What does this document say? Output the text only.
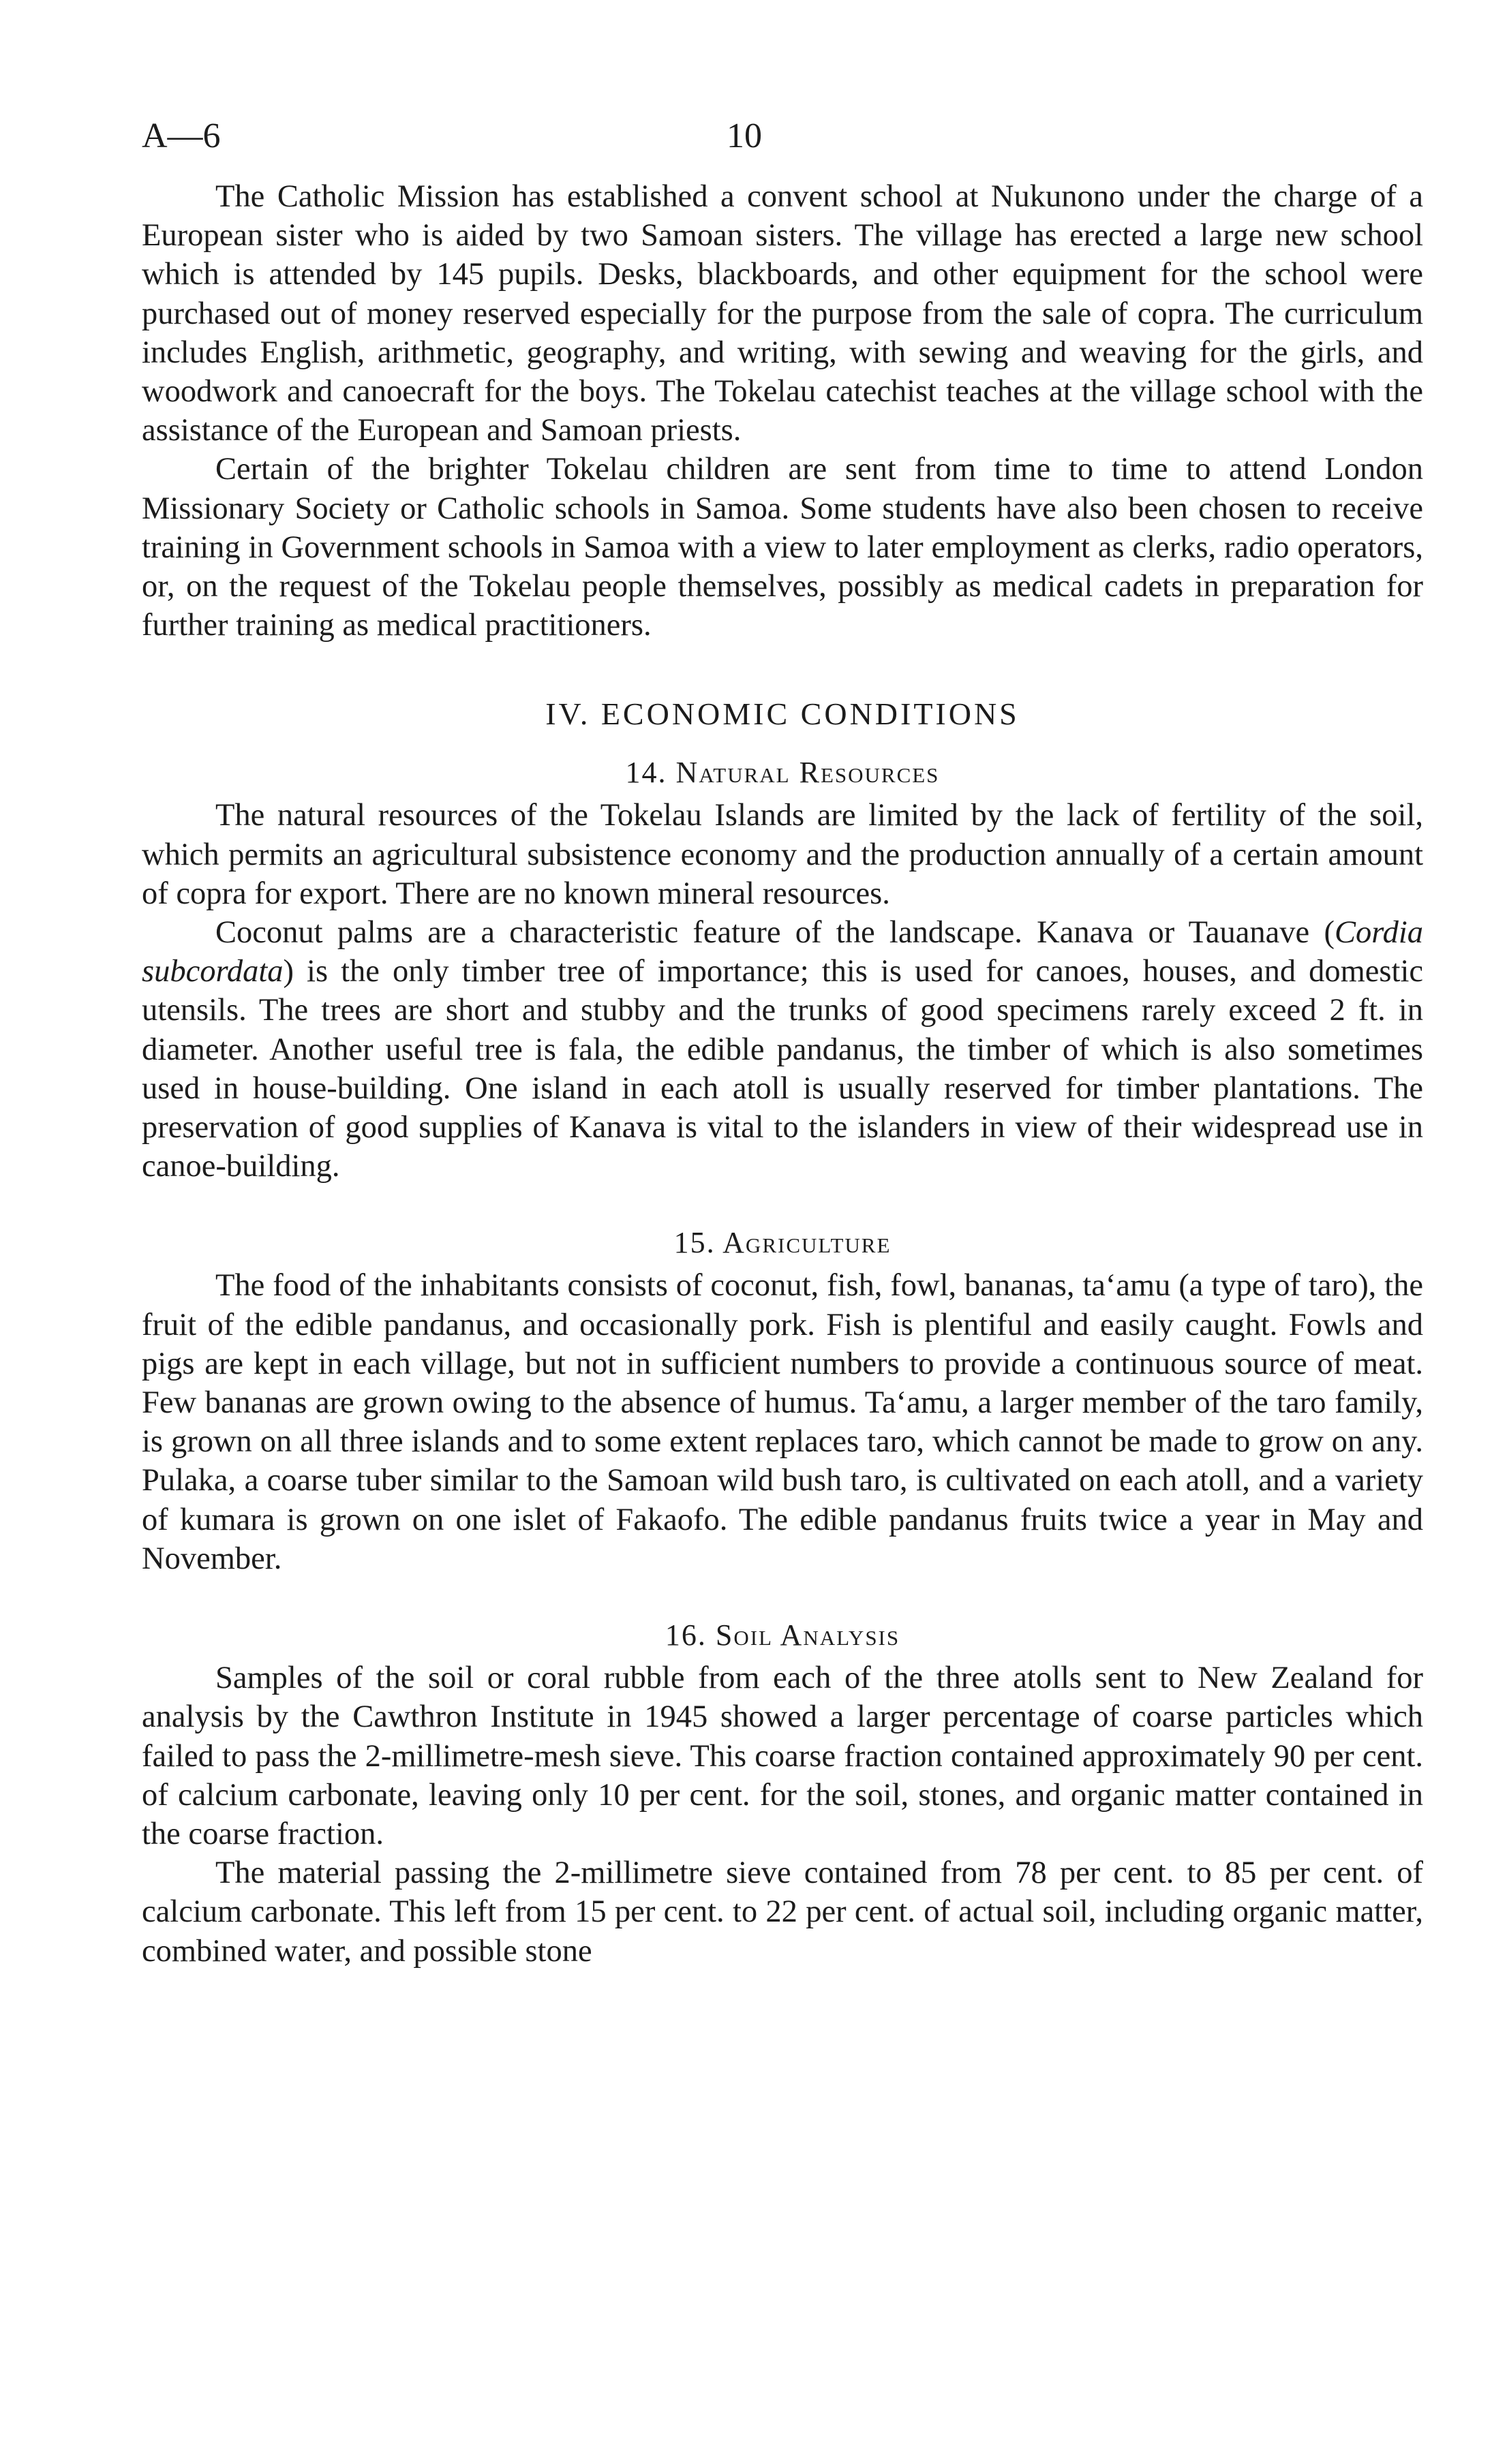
A—6	10

The Catholic Mission has established a convent school at Nukunono under the charge of a European sister who is aided by two Samoan sisters. The village has erected a large new school which is attended by 145 pupils. Desks, blackboards, and other equipment for the school were purchased out of money reserved especially for the purpose from the sale of copra. The curriculum includes English, arithmetic, geography, and writing, with sewing and weaving for the girls, and woodwork and canoecraft for the boys. The Tokelau catechist teaches at the village school with the assistance of the European and Samoan priests.

Certain of the brighter Tokelau children are sent from time to time to attend London Missionary Society or Catholic schools in Samoa. Some students have also been chosen to receive training in Government schools in Samoa with a view to later employment as clerks, radio operators, or, on the request of the Tokelau people themselves, possibly as medical cadets in preparation for further training as medical practitioners.

IV. ECONOMIC CONDITIONS
14. Natural Resources

The natural resources of the Tokelau Islands are limited by the lack of fertility of the soil, which permits an agricultural subsistence economy and the production annually of a certain amount of copra for export. There are no known mineral resources.

Coconut palms are a characteristic feature of the landscape. Kanava or Tauanave (Cordia subcordata) is the only timber tree of importance; this is used for canoes, houses, and domestic utensils. The trees are short and stubby and the trunks of good specimens rarely exceed 2 ft. in diameter. Another useful tree is fala, the edible pandanus, the timber of which is also sometimes used in house-building. One island in each atoll is usually reserved for timber plantations. The preservation of good supplies of Kanava is vital to the islanders in view of their widespread use in canoe-building.

15. Agriculture

The food of the inhabitants consists of coconut, fish, fowl, bananas, ta‘amu (a type of taro), the fruit of the edible pandanus, and occasionally pork. Fish is plentiful and easily caught. Fowls and pigs are kept in each village, but not in sufficient numbers to provide a continuous source of meat. Few bananas are grown owing to the absence of humus. Ta‘amu, a larger member of the taro family, is grown on all three islands and to some extent replaces taro, which cannot be made to grow on any. Pulaka, a coarse tuber similar to the Samoan wild bush taro, is cultivated on each atoll, and a variety of kumara is grown on one islet of Fakaofo. The edible pandanus fruits twice a year in May and November.

16. Soil Analysis

Samples of the soil or coral rubble from each of the three atolls sent to New Zealand for analysis by the Cawthron Institute in 1945 showed a larger percentage of coarse particles which failed to pass the 2-millimetre-mesh sieve. This coarse fraction contained approximately 90 per cent. of calcium carbonate, leaving only 10 per cent. for the soil, stones, and organic matter contained in the coarse fraction.

The material passing the 2-millimetre sieve contained from 78 per cent. to 85 per cent. of calcium carbonate. This left from 15 per cent. to 22 per cent. of actual soil, including organic matter, combined water, and possible stone
